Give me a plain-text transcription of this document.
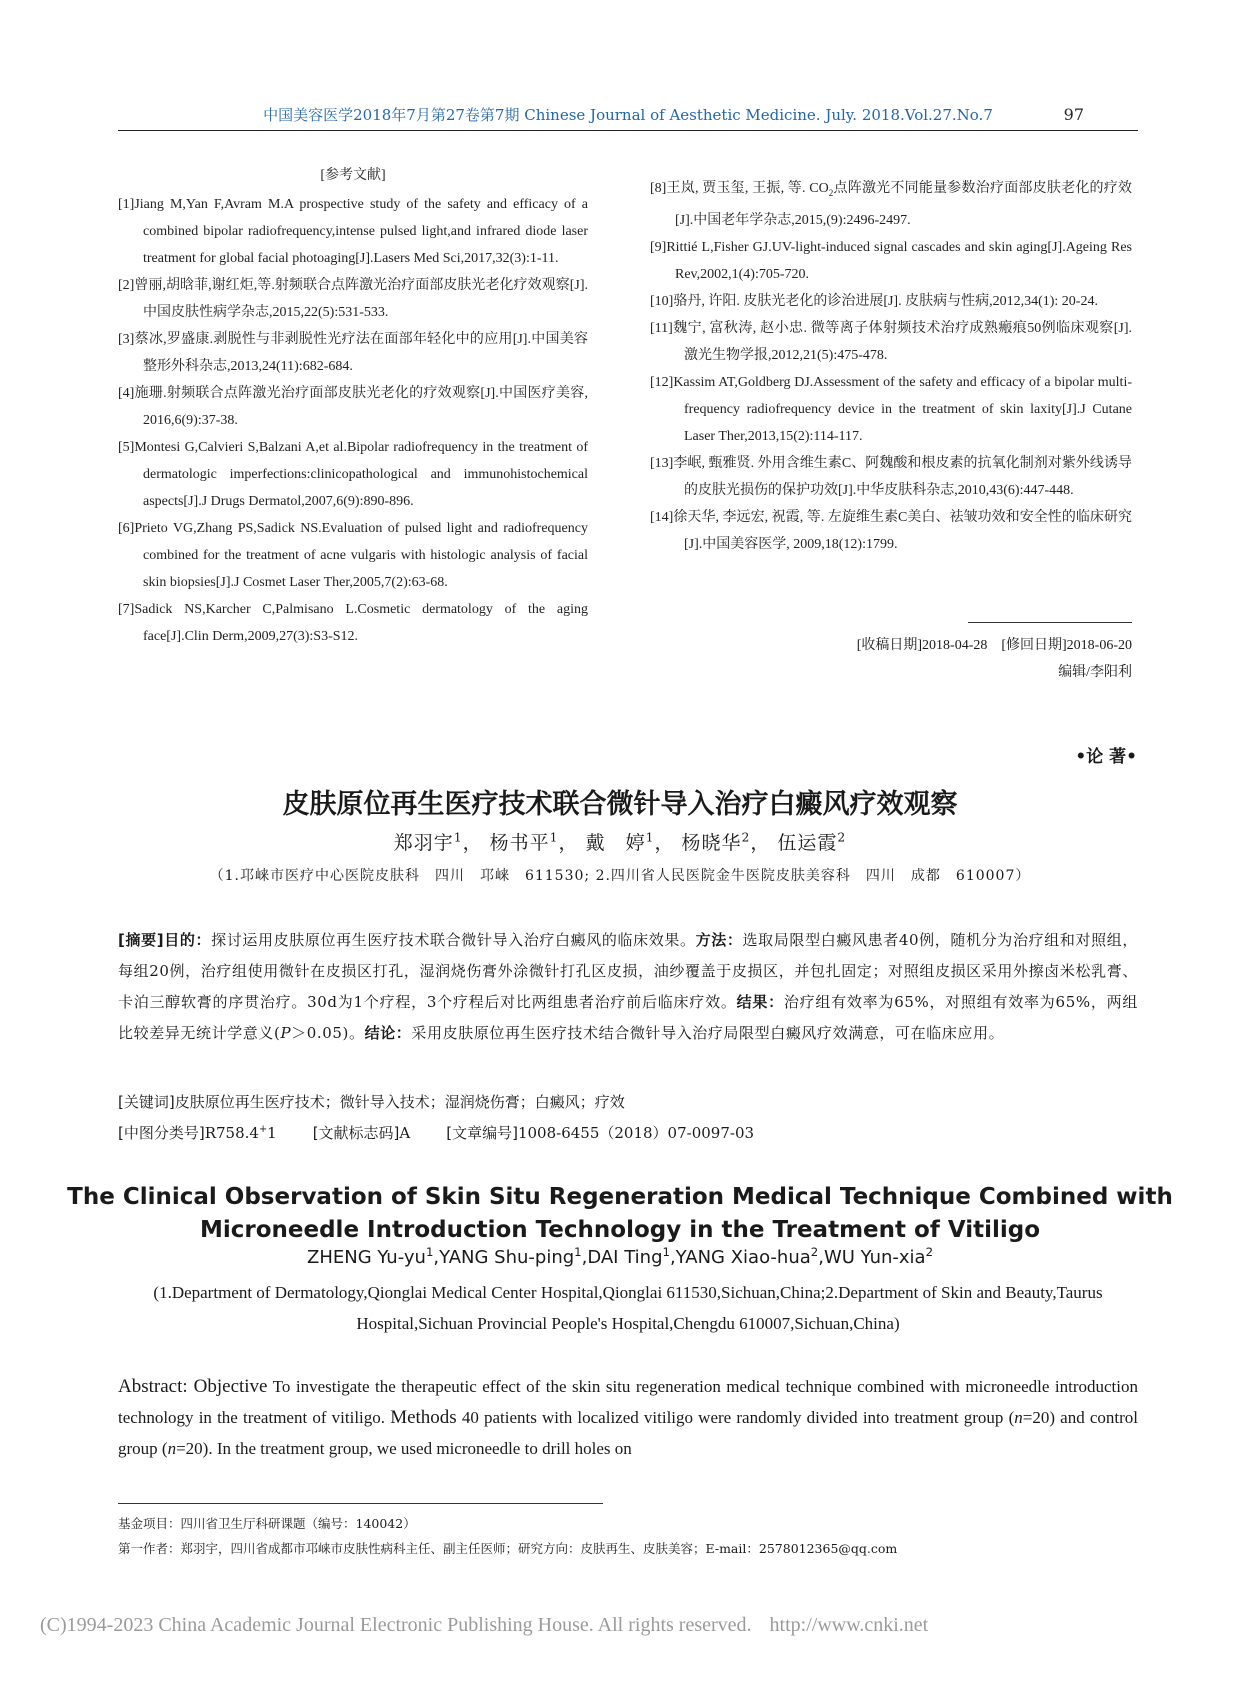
中国美容医学2018年7月第27卷第7期 Chinese Journal of Aesthetic Medicine. July. 2018.Vol.27.No.7	97
[参考文献]

[1]Jiang M,Yan F,Avram M.A prospective study of the safety and efficacy of a combined bipolar radiofrequency,intense pulsed light,and infrared diode laser treatment for global facial photoaging[J].Lasers Med Sci,2017,32(3):1-11.

[2]曾丽,胡晗菲,谢红炬,等.射频联合点阵激光治疗面部皮肤光老化疗效观察[J].中国皮肤性病学杂志,2015,22(5):531-533.

[3]蔡冰,罗盛康.剥脱性与非剥脱性光疗法在面部年轻化中的应用[J].中国美容整形外科杂志,2013,24(11):682-684.

[4]施珊.射频联合点阵激光治疗面部皮肤光老化的疗效观察[J].中国医疗美容, 2016,6(9):37-38.

[5]Montesi G,Calvieri S,Balzani A,et al.Bipolar radiofrequency in the treatment of dermatologic imperfections:clinicopathological and immunohistochemical aspects[J].J Drugs Dermatol,2007,6(9):890-896.

[6]Prieto VG,Zhang PS,Sadick NS.Evaluation of pulsed light and radiofrequency combined for the treatment of acne vulgaris with histologic analysis of facial skin biopsies[J].J Cosmet Laser Ther,2005,7(2):63-68.

[7]Sadick NS,Karcher C,Palmisano L.Cosmetic dermatology of the aging face[J].Clin Derm,2009,27(3):S3-S12.

[8]王岚, 贾玉玺, 王振, 等. $CO_2$点阵激光不同能量参数治疗面部皮肤老化的疗效[J].中国老年学杂志,2015,(9):2496-2497.

[9]Rittié L,Fisher GJ.UV-light-induced signal cascades and skin aging[J].Ageing Res Rev,2002,1(4):705-720.

[10]骆丹, 许阳. 皮肤光老化的诊治进展[J]. 皮肤病与性病,2012,34(1): 20-24.

[11]魏宁, 富秋涛, 赵小忠. 微等离子体射频技术治疗成熟瘢痕50例临床观察[J].激光生物学报,2012,21(5):475-478.

[12]Kassim AT,Goldberg DJ.Assessment of the safety and efficacy of a bipolar multi-frequency radiofrequency device in the treatment of skin laxity[J].J Cutane Laser Ther,2013,15(2):114-117.

[13]李岷, 甄雅贤. 外用含维生素C、阿魏酸和根皮素的抗氧化制剂对紫外线诱导的皮肤光损伤的保护功效[J].中华皮肤科杂志,2010,43(6):447-448.

[14]徐天华, 李远宏, 祝霞, 等. 左旋维生素C美白、祛皱功效和安全性的临床研究[J].中国美容医学, 2009,18(12):1799.

[收稿日期]2018-04-28　[修回日期]2018-06-20
编辑/李阳利
•论 著•
皮肤原位再生医疗技术联合微针导入治疗白癜风疗效观察
郑羽宇$^1$， 杨书平$^1$， 戴　婷$^1$， 杨晓华$^2$， 伍运霞$^2$
（1.邛崃市医疗中心医院皮肤科　四川　邛崃　611530; 2.四川省人民医院金牛医院皮肤美容科　四川　成都　610007）
[摘要]目的：探讨运用皮肤原位再生医疗技术联合微针导入治疗白癜风的临床效果。方法：选取局限型白癜风患者40例，随机分为治疗组和对照组，每组20例，治疗组使用微针在皮损区打孔，湿润烧伤膏外涂微针打孔区皮损，油纱覆盖于皮损区，并包扎固定；对照组皮损区采用外擦卤米松乳膏、卡泊三醇软膏的序贯治疗。30d为1个疗程，3个疗程后对比两组患者治疗前后临床疗效。结果：治疗组有效率为65%，对照组有效率为65%，两组比较差异无统计学意义(P＞0.05)。结论：采用皮肤原位再生医疗技术结合微针导入治疗局限型白癜风疗效满意，可在临床应用。
[关键词]皮肤原位再生医疗技术；微针导入技术；湿润烧伤膏；白癜风；疗效
[中图分类号]R758.4+1 [文献标志码]A [文章编号]1008-6455（2018）07-0097-03
The Clinical Observation of Skin Situ Regeneration Medical Technique Combined with Microneedle Introduction Technology in the Treatment of Vitiligo
ZHENG $Yu-yu^1,YANG$ Shu-ping$^1$,DAI Ting$^1$,YANG Xiao-hua$^2$,WU Yun-xia$^2$
(1.Department of Dermatology,Qionglai Medical Center Hospital,Qionglai 611530,Sichuan,China;2.Department of Skin and Beauty,Taurus Hospital,Sichuan Provincial People's Hospital,Chengdu 610007,Sichuan,China)
Abstract: Objective To investigate the therapeutic effect of the skin situ regeneration medical technique combined with microneedle introduction technology in the treatment of vitiligo. Methods 40 patients with localized vitiligo were randomly divided into treatment group (n=20) and control group (n=20). In the treatment group, we used microneedle to drill holes on
基金项目：四川省卫生厅科研课题（编号：140042）
第一作者：郑羽宇，四川省成都市邛崃市皮肤性病科主任、副主任医师；研究方向：皮肤再生、皮肤美容；E-mail：2578012365@qq.com
(C)1994-2023 China Academic Journal Electronic Publishing House. All rights reserved. http://www.cnki.net
